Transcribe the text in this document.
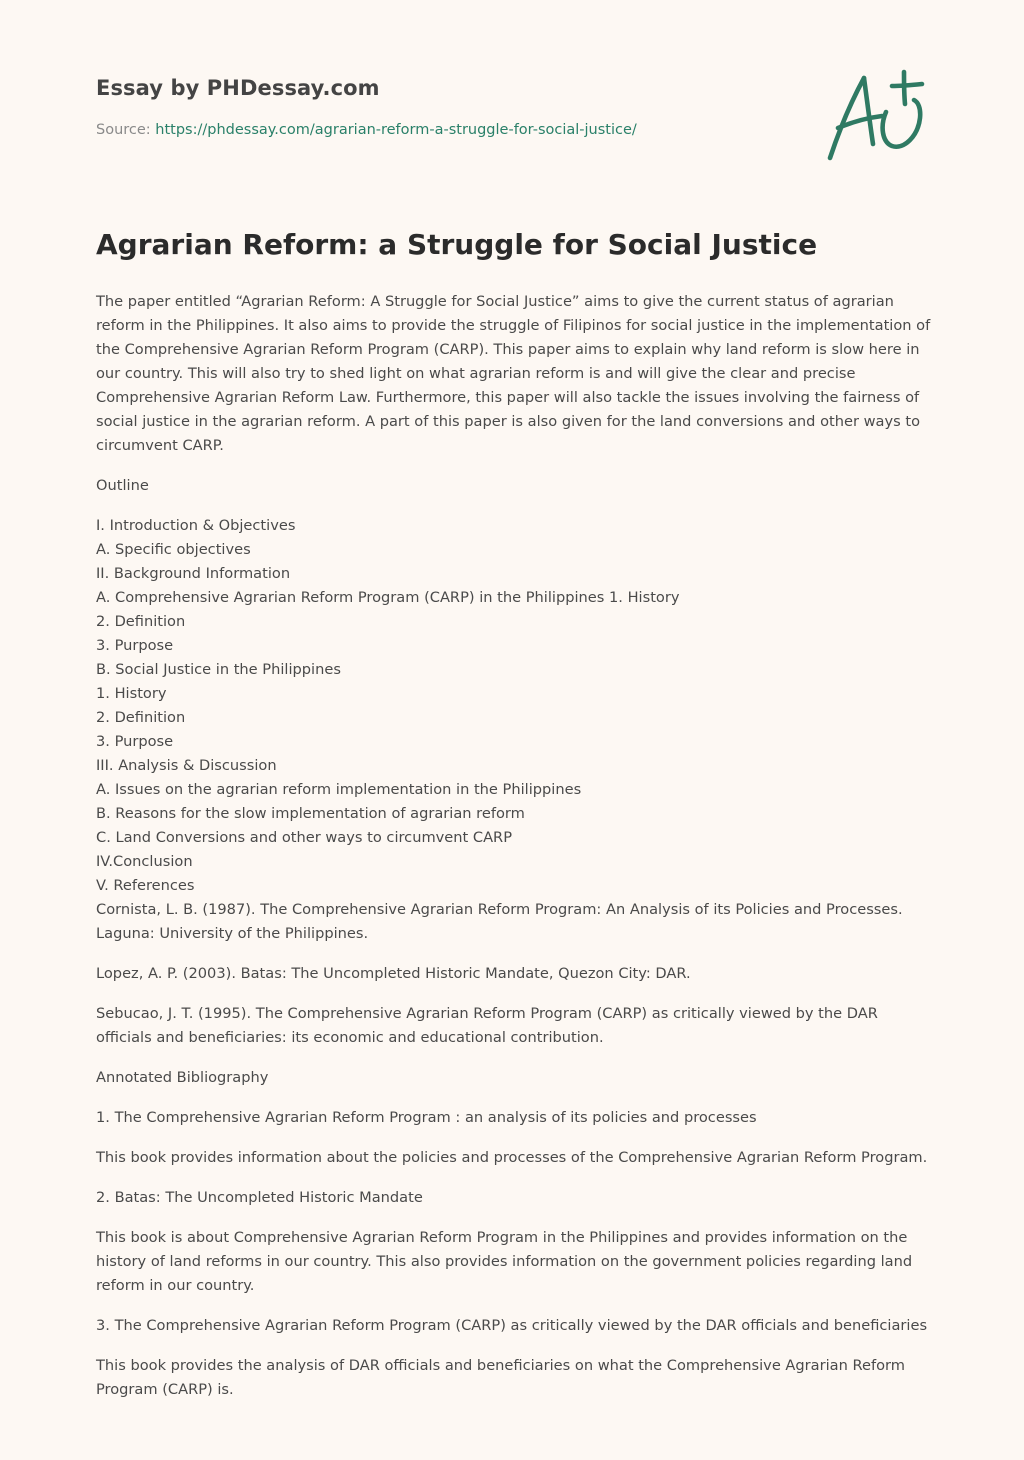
Essay by PHDessay.com
Source: https://phdessay.com/agrarian-reform-a-struggle-for-social-justice/
Agrarian Reform: a Struggle for Social Justice

The paper entitled “Agrarian Reform: A Struggle for Social Justice” aims to give the current status of agrarian reform in the Philippines. It also aims to provide the struggle of Filipinos for social justice in the implementation of the Comprehensive Agrarian Reform Program (CARP). This paper aims to explain why land reform is slow here in our country. This will also try to shed light on what agrarian reform is and will give the clear and precise Comprehensive Agrarian Reform Law. Furthermore, this paper will also tackle the issues involving the fairness of social justice in the agrarian reform. A part of this paper is also given for the land conversions and other ways to circumvent CARP.

Outline

I. Introduction & Objectives
A. Specific objectives
II. Background Information
A. Comprehensive Agrarian Reform Program (CARP) in the Philippines 1. History
2. Definition
3. Purpose
B. Social Justice in the Philippines
1. History
2. Definition
3. Purpose
III. Analysis & Discussion
A. Issues on the agrarian reform implementation in the Philippines
B. Reasons for the slow implementation of agrarian reform
C. Land Conversions and other ways to circumvent CARP
IV.Conclusion
V. References
Cornista, L. B. (1987). The Comprehensive Agrarian Reform Program: An Analysis of its Policies and Processes. Laguna: University of the Philippines.

Lopez, A. P. (2003). Batas: The Uncompleted Historic Mandate, Quezon City: DAR.

Sebucao, J. T. (1995). The Comprehensive Agrarian Reform Program (CARP) as critically viewed by the DAR officials and beneficiaries: its economic and educational contribution.

Annotated Bibliography

1. The Comprehensive Agrarian Reform Program : an analysis of its policies and processes

This book provides information about the policies and processes of the Comprehensive Agrarian Reform Program.

2. Batas: The Uncompleted Historic Mandate

This book is about Comprehensive Agrarian Reform Program in the Philippines and provides information on the history of land reforms in our country. This also provides information on the government policies regarding land reform in our country.

3. The Comprehensive Agrarian Reform Program (CARP) as critically viewed by the DAR officials and beneficiaries

This book provides the analysis of DAR officials and beneficiaries on what the Comprehensive Agrarian Reform Program (CARP) is.
